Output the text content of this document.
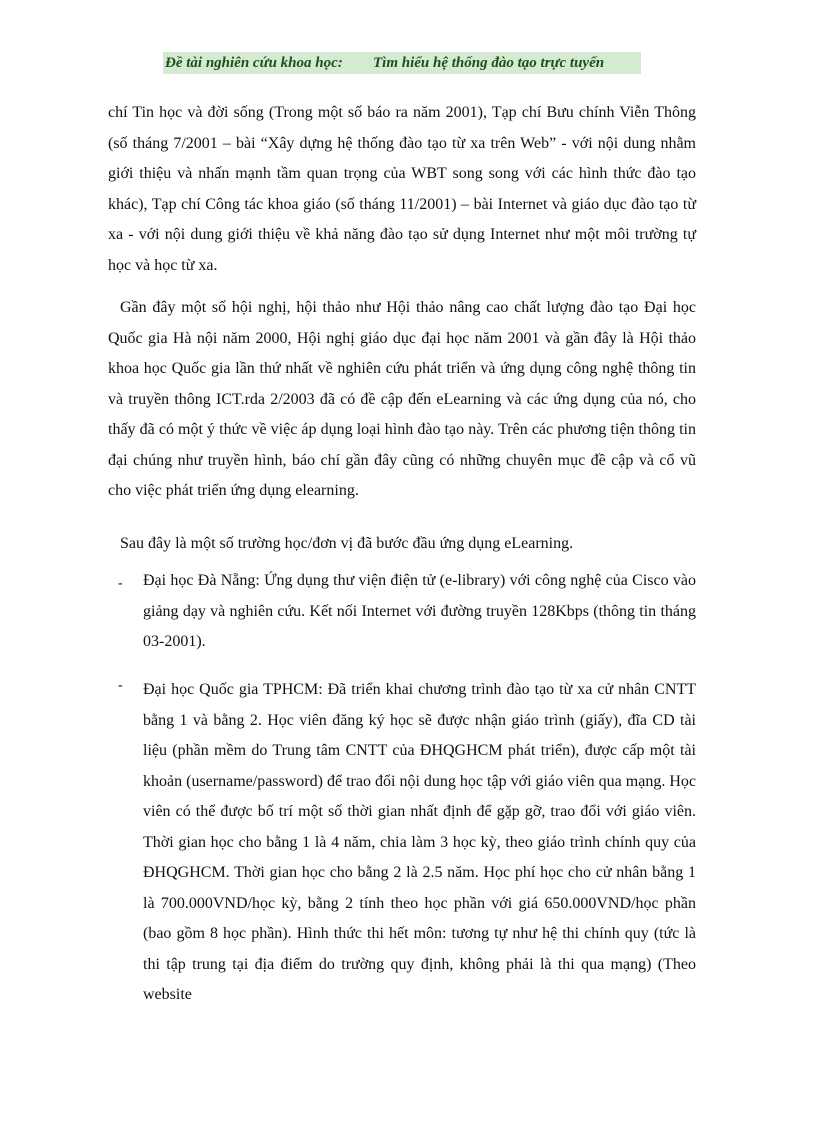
Đề tài nghiên cứu khoa học: Tìm hiểu hệ thống đào tạo trực tuyến

chí Tin học và đời sống (Trong một số báo ra năm 2001), Tạp chí Bưu chính Viễn Thông (số tháng 7/2001 – bài “Xây dựng hệ thống đào tạo từ xa trên Web” - với nội dung nhằm giới thiệu và nhấn mạnh tầm quan trọng của WBT song song với các hình thức đào tạo khác), Tạp chí Công tác khoa giáo (số tháng 11/2001) – bài Internet và giáo dục đào tạo từ xa - với nội dung giới thiệu về khả năng đào tạo sử dụng Internet như một môi trường tự học và học từ xa.

Gần đây một số hội nghị, hội thảo như Hội thảo nâng cao chất lượng đào tạo Đại học Quốc gia Hà nội năm 2000, Hội nghị giáo dục đại học năm 2001 và gần đây là Hội thảo khoa học Quốc gia lần thứ nhất về nghiên cứu phát triển và ứng dụng công nghệ thông tin và truyền thông ICT.rda 2/2003 đã có đề cập đến eLearning và các ứng dụng của nó, cho thấy đã có một ý thức về việc áp dụng loại hình đào tạo này. Trên các phương tiện thông tin đại chúng như truyền hình, báo chí gần đây cũng có những chuyên mục đề cập và cổ vũ cho việc phát triển ứng dụng elearning.

Sau đây là một số trường học/đơn vị đã bước đầu ứng dụng eLearning.

- Đại học Đà Nẵng: Ứng dụng thư viện điện tử (e-library) với công nghệ của Cisco vào giảng dạy và nghiên cứu. Kết nối Internet với đường truyền 128Kbps (thông tin tháng 03-2001).

- Đại học Quốc gia TPHCM: Đã triển khai chương trình đào tạo từ xa cử nhân CNTT bằng 1 và bằng 2. Học viên đăng ký học sẽ được nhận giáo trình (giấy), đĩa CD tài liệu (phần mềm do Trung tâm CNTT của ĐHQGHCM phát triển), được cấp một tài khoản (username/password) để trao đổi nội dung học tập với giáo viên qua mạng. Học viên có thể được bố trí một số thời gian nhất định để gặp gỡ, trao đổi với giáo viên. Thời gian học cho bằng 1 là 4 năm, chia làm 3 học kỳ, theo giáo trình chính quy của ĐHQGHCM. Thời gian học cho bằng 2 là 2.5 năm. Học phí học cho cử nhân bằng 1 là 700.000VND/học kỳ, bằng 2 tính theo học phần với giá 650.000VND/học phần (bao gồm 8 học phần). Hình thức thi hết môn: tương tự như hệ thi chính quy (tức là thi tập trung tại địa điểm do trường quy định, không phải là thi qua mạng) (Theo website
